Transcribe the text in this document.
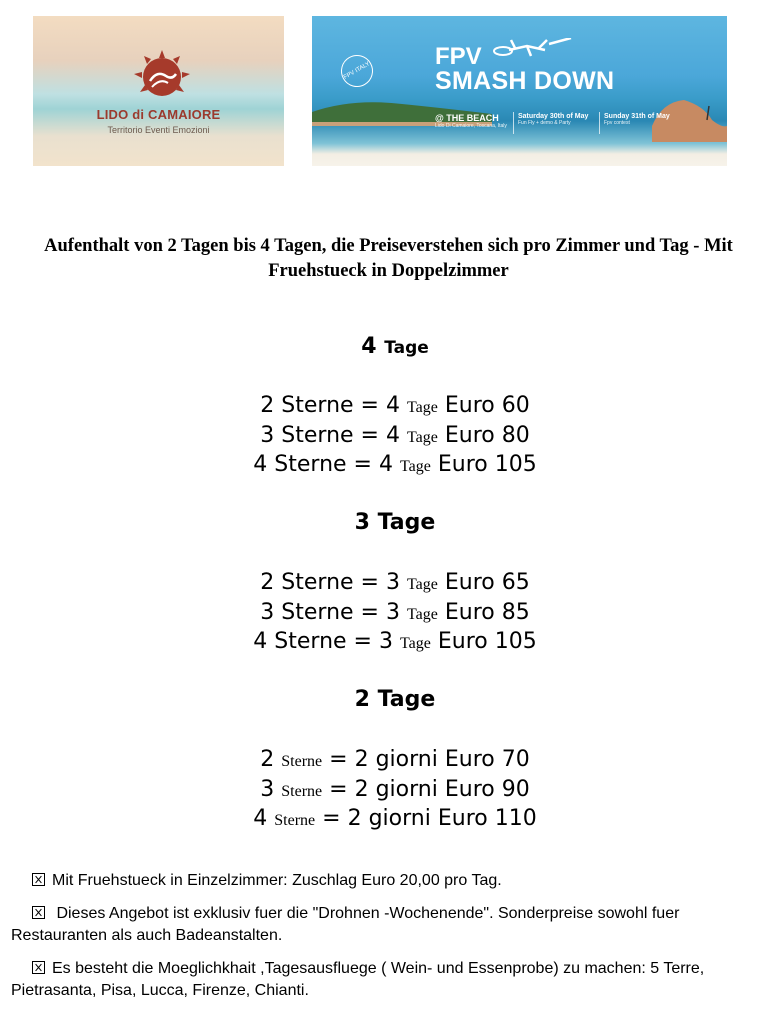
LIDO di CAMAIORE
Territorio Eventi Emozioni
FPV ITALY
FPV
SMASH DOWN
@ THE BEACH
Lido Di Camaiore, Toscana, Italy
Saturday 30th of May
Fun Fly + demo & Party
Sunday 31th of May
Fpv contest
Aufenthalt von 2 Tagen bis 4 Tagen, die Preiseverstehen sich pro Zimmer und Tag - Mit Fruehstueck in Doppelzimmer
4 Tage
2 Sterne = 4 Tage Euro 60
3 Sterne = 4 Tage Euro 80
4 Sterne = 4 Tage Euro 105
3 Tage
2 Sterne = 3 Tage Euro 65
3 Sterne = 3 Tage Euro 85
4 Sterne = 3 Tage Euro 105
2 Tage
2 Sterne = 2 giorni Euro 70
3 Sterne = 2 giorni Euro 90
4 Sterne = 2 giorni Euro 110
Mit Fruehstueck in Einzelzimmer: Zuschlag Euro 20,00 pro Tag.
Dieses Angebot ist exklusiv fuer die "Drohnen -Wochenende". Sonderpreise sowohl fuer Restauranten als auch Badeanstalten.
Es besteht die Moeglichkhait ,Tagesausfluege ( Wein- und Essenprobe) zu machen: 5 Terre, Pietrasanta, Pisa, Lucca, Firenze, Chianti.
